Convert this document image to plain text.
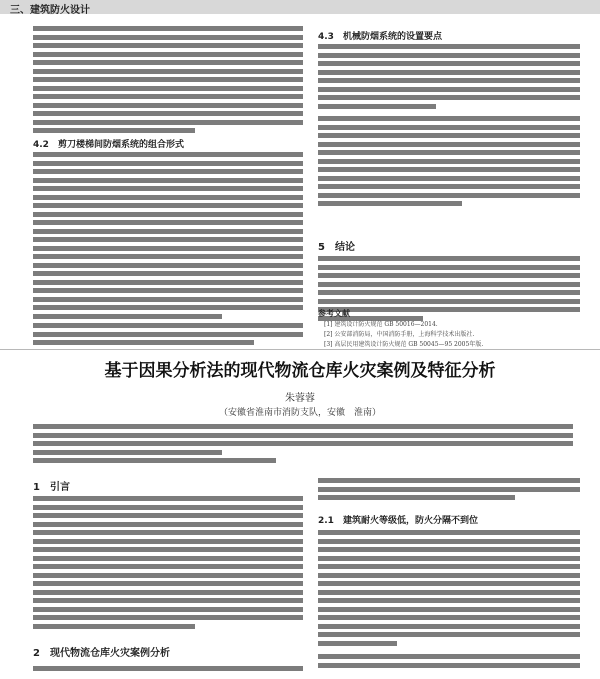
三、建筑防火设计
4.2　剪刀楼梯间防烟系统的组合形式
4.3　机械防烟系统的设置要点
5　结论
参考文献

[1] 建筑设计防火规范 GB 50016—2014.

[2] 公安部消防局，中国消防手册，上海科学技术出版社.

[3] 高层民用建筑设计防火规范 GB 50045—95 2005年版.

基于因果分析法的现代物流仓库火灾案例及特征分析

朱蓉蓉

（安徽省淮南市消防支队，安徽　淮南）

1　引言
2　现代物流仓库火灾案例分析
2.1　建筑耐火等级低，防火分隔不到位
